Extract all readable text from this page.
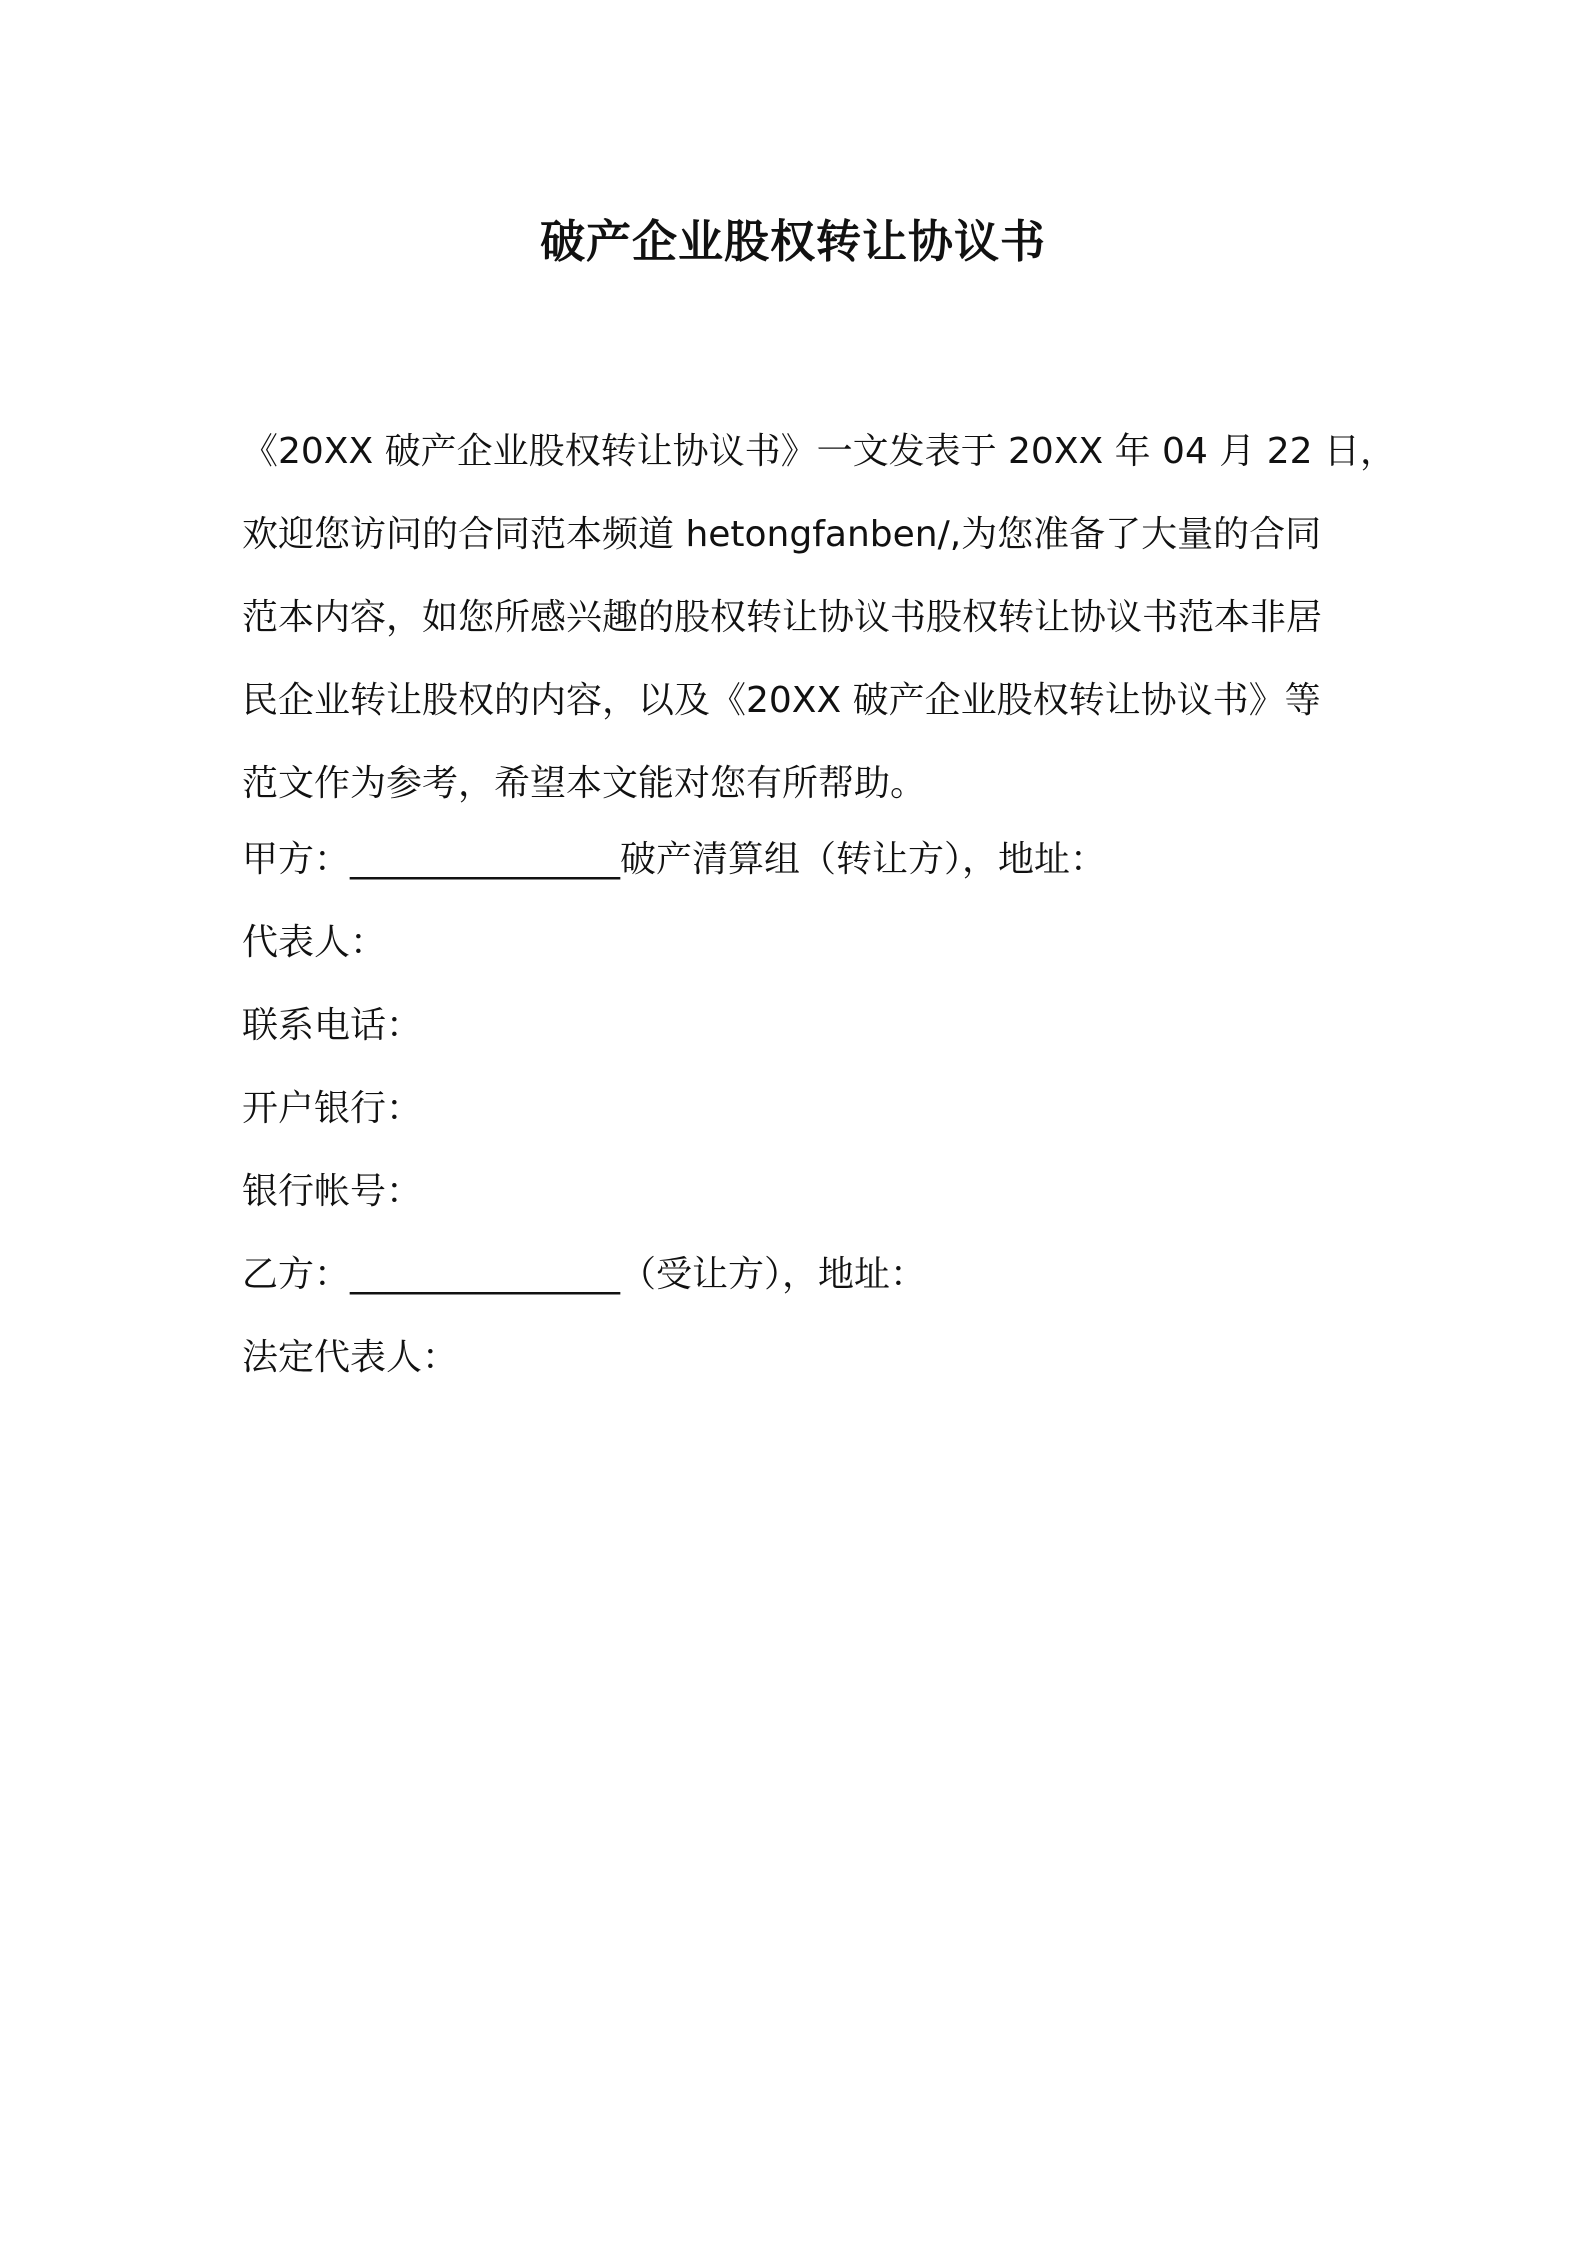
破产企业股权转让协议书

《20XX 破产企业股权转让协议书》一文发表于 20XX 年 04 月 22 日，
欢迎您访问的合同范本频道 hetongfanben/,为您准备了大量的合同
范本内容，如您所感兴趣的股权转让协议书股权转让协议书范本非居
民企业转让股权的内容，以及《20XX 破产企业股权转让协议书》等
范文作为参考，希望本文能对您有所帮助。

甲方：_______________破产清算组（转让方），地址：
代表人：
联系电话：
开户银行：
银行帐号：
乙方：_______________（受让方），地址：
法定代表人：
